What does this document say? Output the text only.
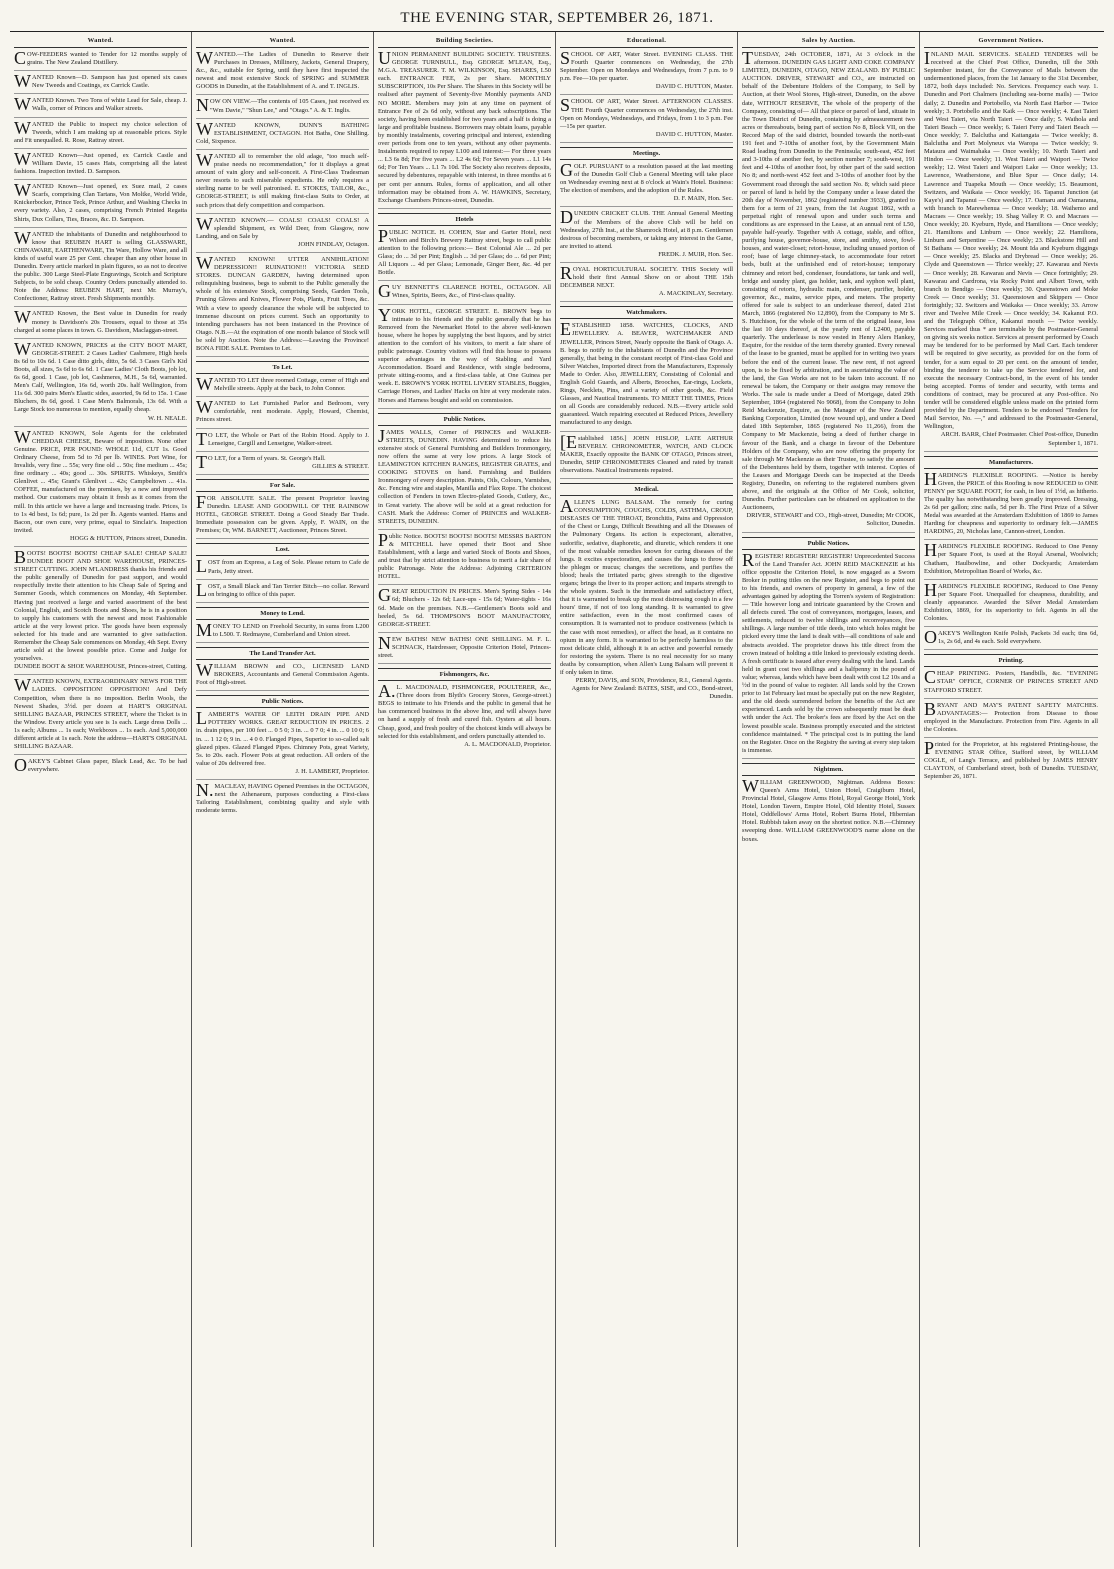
THE EVENING STAR, SEPTEMBER 26, 1871.
Wanted.

COW-FEEDERS wanted to Tender for 12 months supply of grains. The New Zealand Distillery.

WANTED Known—D. Sampson has just opened six cases New Tweeds and Coatings, ex Carrick Castle.

WANTED Known. Two Tons of white Lead for Sale, cheap. J. Walls, corner of Princes and Walker streets.

WANTED the Public to inspect my choice selection of Tweeds, which I am making up at reasonable prices. Style and Fit unequalled. R. Rose, Rattray street.

WANTED Known—Just opened, ex Carrick Castle and William Davie, 15 cases Hats, comprising all the latest fashions. Inspection invited. D. Sampson.

WANTED Known—Just opened, ex Suez mail, 2 cases Scarfs, comprising Clan Tartans, Von Moltke, World Wide, Knickerbocker, Prince Teck, Prince Arthur, and Washing Checks in every variety. Also, 2 cases, comprising French Printed Regatta Shirts, Dux Collars, Ties, Braces, &c. D. Sampson.

WANTED the inhabitants of Dunedin and neighbourhood to know that REUBEN HART is selling GLASSWARE, CHINAWARE, EARTHENWARE, Tin Ware, Hollow Ware, and all kinds of useful ware 25 per Cent. cheaper than any other house in Dunedin. Every article marked in plain figures, so as not to deceive the public. 300 Large Steel-Plate Engravings, Scotch and Scripture Subjects, to be sold cheap. Country Orders punctually attended to. Note the Address: REUBEN HART, next Mr. Murray's, Confectioner, Rattray street. Fresh Shipments monthly.

WANTED Known, the Best value in Dunedin for ready money is Davidson's 20s Trousers, equal to those at 35s charged at some places in town. G. Davidson, Maclaggan-street.

WANTED KNOWN, PRICES at the CITY BOOT MART, GEORGE-STREET. 2 Cases Ladies' Cashmere, High heels 8s 6d to 10s 6d. 1 Case ditto girls, ditto, 5s 6d. 3 Cases Girl's Kid Boots, all sizes, 5s 6d to 6s 6d. 1 Case Ladies' Cloth Boots, job lot, 6s 6d, good. 1 Case, job lot, Cashmeres, M.H., 5s 6d, warranted. Men's Calf, Wellington, 16s 6d, worth 20s. half Wellington, from 11s 6d. 300 pairs Men's Elastic sides, assorted, 9s 6d to 15s. 1 Case Bluchers, 8s 6d, good. 1 Case Men's Balmorals, 13s 6d. With a Large Stock too numerous to mention, equally cheap.

W. H. NEALE.

WANTED KNOWN, Sole Agents for the celebrated CHEDDAR CHEESE, Beware of imposition. None other Genuine. PRICE, PER POUND: WHOLE 11d, CUT 1s. Good Ordinary Cheese, from 5d to 7d per lb. WINES. Port Wine, for Invalids, very fine ... 55s; very fine old ... 50s; fine medium ... 45s; fine ordinary ... 40s; good ... 30s. SPIRITS. Whiskeys, Smith's Glenlivet ... 45s; Grant's Glenlivet ... 42s; Campbeltown ... 41s. COFFEE, manufactured on the premises, by a new and improved method. Our customers may obtain it fresh as it comes from the mill. In this article we have a large and increasing trade. Prices, 1s to 1s 4d best, 1s 6d; pure, 1s 2d per lb. Agents wanted. Hams and Bacon, our own cure, very prime, equal to Sinclair's. Inspection invited.

HOGG & HUTTON, Princes street, Dunedin.

BOOTS! BOOTS! BOOTS! CHEAP SALE! CHEAP SALE! DUNDEE BOOT AND SHOE WAREHOUSE, PRINCES-STREET CUTTING. JOHN M'LANDRESS thanks his friends and the public generally of Dunedin for past support, and would respectfully invite their attention to his Cheap Sale of Spring and Summer Goods, which commences on Monday, 4th September. Having just received a large and varied assortment of the best Colonial, English, and Scotch Boots and Shoes, he is in a position to supply his customers with the newest and most Fashionable article at the very lowest price. The goods have been expressly selected for his trade and are warranted to give satisfaction. Remember the Cheap Sale commences on Monday, 4th Sept. Every article sold at the lowest possible price. Come and Judge for yourselves.

DUNDEE BOOT & SHOE WAREHOUSE, Princes-street, Cutting.

WANTED KNOWN, EXTRAORDINARY NEWS FOR THE LADIES. OPPOSITION! OPPOSITION! And Defy Competition, when there is no imposition. Berlin Wools, the Newest Shades, 3½d. per dozen at HART'S ORIGINAL SHILLING BAZAAR, PRINCES STREET, where the Ticket is in the Window. Every article you see is 1s each. Large dress Dolls ... 1s each; Albums ... 1s each; Workboxes ... 1s each. And 5,000,000 different article at 1s each. Note the address—HART'S ORIGINAL SHILLING BAZAAR.

OAKEY'S Cabinet Glass paper, Black Lead, &c. To be had everywhere.

Wanted.

WANTED.—The Ladies of Dunedin to Reserve their Purchases in Dresses, Millinery, Jackets, General Drapery, &c., &c., suitable for Spring, until they have first inspected the newest and most extensive Stock of SPRING and SUMMER GOODS in Dunedin, at the Establishment of A. and T. INGLIS.

NOW ON VIEW.—The contents of 105 Cases, just received ex "Wm Davie," "Shun Lee," and "Otago." A. & T. Inglis.

WANTED KNOWN, DUNN'S BATHING ESTABLISHMENT, OCTAGON. Hot Baths, One Shilling. Cold, Sixpence.

WANTED all to remember the old adage, "too much self-praise needs no recommendation," for it displays a great amount of vain glory and self-conceit. A First-Class Tradesman never resorts to such miserable expedients. He only requires a sterling name to be well patronised. E. STOKES, TAILOR, &c., GEORGE-STREET, is still making first-class Suits to Order, at such prices that defy competition and comparison.

WANTED KNOWN.— COALS! COALS! COALS! A splendid Shipment, ex Wild Deer, from Glasgow, now Landing, and on Sale by

JOHN FINDLAY, Octagon.

WANTED KNOWN! UTTER ANNIHILATION! DEPRESSION!! RUINATION!!! VICTORIA SEED STORES. DUNCAN GARDEN, having determined upon relinquishing business, begs to submit to the Public generally the whole of his extensive Stock, comprising Seeds, Garden Tools, Pruning Gloves and Knives, Flower Pots, Plants, Fruit Trees, &c. With a view to speedy clearance the whole will be subjected to immense discount on prices current. Such an opportunity to intending purchasers has not been instanced in the Province of Otago. N.B.—At the expiration of one month balance of Stock will be sold by Auction. Note the Address:—Leaving the Province! BONA FIDE SALE. Premises to Let.

To Let.

WANTED TO LET three roomed Cottage, corner of High and Melville streets. Apply at the back, to John Connor.

WANTED to Let Furnished Parlor and Bedroom, very comfortable, rent moderate. Apply, Howard, Chemist, Princes street.

TO LET, the Whole or Part of the Robin Hood. Apply to J. Lenseigne, Cargill and Lenseigne, Walker-street.

TO LET, for a Term of years. St. George's Hall.

GILLIES & STREET.
For Sale.

FOR ABSOLUTE SALE. The present Proprietor leaving Dunedin. LEASE AND GOODWILL OF THE RAINBOW HOTEL, GEORGE STREET. Doing a Good Steady Bar Trade. Immediate possession can be given. Apply, F. WAIN, on the Premises; Or, WM. BARNETT, Auctioneer, Princes Street.

Lost.

LOST from an Express, a Leg of Sole. Please return to Cafe de Paris, Jetty street.

LOST, a Small Black and Tan Terrier Bitch—no collar. Reward on bringing to office of this paper.

Money to Lend.

MONEY TO LEND on Freehold Security, in sums from L200 to L500. T. Redmayne, Cumberland and Union street.

The Land Transfer Act.

WILLIAM BROWN and CO., LICENSED LAND BROKERS, Accountants and General Commission Agents. Foot of High-street.

Public Notices.

LAMBERT'S WATER OF LEITH DRAIN PIPE AND POTTERY WORKS. GREAT REDUCTION IN PRICES. 2 in. drain pipes, per 100 feet ... 0 5 0; 3 in. ... 0 7 0; 4 in. ... 0 10 0; 6 in. ... 1 12 0; 9 in. ... 4 0 0. Flanged Pipes, Superior to so-called salt glazed pipes. Glazed Flanged Pipes. Chimney Pots, great Variety, 5s. to 20s. each. Flower Pots at great reduction. All orders of the value of 20s delivered free.

J. H. LAMBERT, Proprietor.

N.MACLEAY, HAVING Opened Premises in the OCTAGON, next the Athenaeum, purposes conducting a First-class Tailoring Establishment, combining quality and style with moderate terms.

Building Societies.

UNION PERMANENT BUILDING SOCIETY. TRUSTEES. GEORGE TURNBULL, Esq. GEORGE M'LEAN, Esq., M.G.A. TREASURER. T. M. WILKINSON, Esq. SHARES, L50 each. ENTRANCE FEE, 2s per Share. MONTHLY SUBSCRIPTION, 10s Per Share. The Shares in this Society will be realised after payment of Seventy-five Monthly payments AND NO MORE. Members may join at any time on payment of Entrance Fee of 2s 6d only, without any back subscriptions. The society, having been established for two years and a half is doing a large and profitable business. Borrowers may obtain loans, payable by monthly instalments, covering principal and interest, extending over periods from one to ten years, without any other payments. Instalments required to repay L100 and interest:— For three years ... L3 6s 8d; For five years ... L2 4s 6d; For Seven years ... L1 14s 6d; For Ten Years ... L1 7s 10d. The Society also receives deposits, secured by debentures, repayable with interest, in three months at 6 per cent per annum. Rules, forms of application, and all other information may be obtained from A. W. HAWKINS, Secretary, Exchange Chambers Princes-street, Dunedin.

Hotels

PUBLIC NOTICE. H. COHEN, Star and Garter Hotel, next Wilson and Birch's Brewery Rattray street, begs to call public attention to the following prices:— Best Colonial Ale ... 2d per Glass; do ... 3d per Pint; English ... 3d per Glass; do ... 6d per Pint; All Liquors ... 4d per Glass; Lemonade, Ginger Beer, &c. 4d per Bottle.

GUY BENNETT'S CLARENCE HOTEL, OCTAGON. All Wines, Spirits, Beers, &c., of First-class quality.

YORK HOTEL, GEORGE STREET. E. BROWN begs to intimate to his friends and the public generally that he has Removed from the Newmarket Hotel to the above well-known house, where he hopes by supplying the best liquors, and by strict attention to the comfort of his visitors, to merit a fair share of public patronage. Country visitors will find this house to possess superior advantages in the way of Stabling and Yard Accommodation. Board and Residence, with single bedrooms, private sitting-rooms, and a first-class table, at One Guinea per week. E. BROWN'S YORK HOTEL LIVERY STABLES, Buggies, Carriage Horses, and Ladies' Hacks on hire at very moderate rates. Horses and Harness bought and sold on commission.

Public Notices.

JAMES WALLS, Corner of PRINCES and WALKER-STREETS, DUNEDIN. HAVING determined to reduce his extensive stock of General Furnishing and Builders Ironmongery, now offers the same at very low prices. A large Stock of LEAMINGTON KITCHEN RANGES, REGISTER GRATES, and COOKING STOVES on hand. Furnishing and Builders Ironmongery of every description. Paints, Oils, Colours, Varnishes, &c. Fencing wire and staples, Manilla and Flax Rope. The choicest collection of Fenders in town Electro-plated Goods, Cutlery, &c., in Great variety. The above will be sold at a great reduction for CASH. Mark the Address: Corner of PRINCES and WALKER-STREETS, DUNEDIN.

Public Notice. BOOTS! BOOTS! BOOTS! MESSRS BARTON & MITCHELL have opened their Boot and Shoe Establishment, with a large and varied Stock of Boots and Shoes, and trust that by strict attention to business to merit a fair share of public Patronage. Note the Address: Adjoining CRITERION HOTEL.

GREAT REDUCTION IN PRICES. Men's Spring Sides - 14s 6d; Bluchers - 12s 6d; Lace-ups - 15s 6d; Water-tights - 16s 6d. Made on the premises. N.B.—Gentlemen's Boots sold and heeled, 5s 6d. THOMPSON'S BOOT MANUFACTORY, GEORGE-STREET.

NEW BATHS! NEW BATHS! ONE SHILLING. M. F. L. SCHNACK, Hairdresser, Opposite Criterion Hotel, Princes-street.

Fishmongers, &c.

A.L. MACDONALD, FISHMONGER, POULTERER, &c., (Three doors from Blyth's Grocery Stores, George-street.) BEGS to intimate to his Friends and the public in general that he has commenced business in the above line, and will always have on hand a supply of fresh and cured fish. Oysters at all hours. Cheap, good, and fresh poultry of the choicest kinds will always be selected for this establishment, and orders punctually attended to.

A. L. MACDONALD, Proprietor.
Educational.

SCHOOL OF ART, Water Street. EVENING CLASS. THE Fourth Quarter commences on Wednesday, the 27th September. Open on Mondays and Wednesdays, from 7 p.m. to 9 p.m. Fee—10s per quarter.

DAVID C. HUTTON, Master.

SCHOOL OF ART, Water Street. AFTERNOON CLASSES. THE Fourth Quarter commences on Wednesday, the 27th inst. Open on Mondays, Wednesdays, and Fridays, from 1 to 3 p.m. Fee—15s per quarter.

DAVID C. HUTTON, Master.
Meetings.

GOLF. PURSUANT to a resolution passed at the last meeting of the Dunedin Golf Club a General Meeting will take place on Wednesday evening next at 8 o'clock at Wain's Hotel. Business: The election of members, and the adoption of the Rules.

D. F. MAIN, Hon. Sec.

DUNEDIN CRICKET CLUB. THE Annual General Meeting of the Members of the above Club will be held on Wednesday, 27th Inst., at the Shamrock Hotel, at 8 p.m. Gentlemen desirous of becoming members, or taking any interest in the Game, are invited to attend.

FREDK. J. MUIR, Hon. Sec.

ROYAL HORTICULTURAL SOCIETY. THIS Society will hold their first Annual Show on or about THE 15th DECEMBER NEXT.

A. MACKINLAY, Secretary.
Watchmakers.

ESTABLISHED 1858. WATCHES, CLOCKS, AND JEWELLERY. A. BEAVER, WATCHMAKER AND JEWELLER, Princes Street, Nearly opposite the Bank of Otago. A. B. begs to notify to the inhabitants of Dunedin and the Province generally, that being in the constant receipt of First-class Gold and Silver Watches, Imported direct from the Manufacturers, Expressly Made to Order. Also, JEWELLERY, Consisting of Colonial and English Gold Guards, and Alberts, Brooches, Ear-rings, Lockets, Rings, Necklets, Pins, and a variety of other goods, &c. Field Glasses, and Nautical Instruments. TO MEET THE TIMES, Prices on all Goods are considerably reduced. N.B.—Every article sold guaranteed. Watch repairing executed at Reduced Prices, Jewellery manufactured to any design.

[Established 1856.] JOHN HISLOP, LATE ARTHUR BEVERLY. CHRONOMETER, WATCH, AND CLOCK MAKER, Exactly opposite the BANK OF OTAGO, Princes street, Dunedin, SHIP CHRONOMETERS Cleaned and rated by transit observations. Nautical Instruments repaired.

Medical.

ALLEN'S LUNG BALSAM. The remedy for curing CONSUMPTION, COUGHS, COLDS, ASTHMA, CROUP, DISEASES OF THE THROAT, Bronchitis, Pains and Oppression of the Chest or Lungs, Difficult Breathing and all the Diseases of the Pulmonary Organs. Its action is expectorant, alterative, sudorific, sedative, diaphoretic, and diuretic, which renders it one of the most valuable remedies known for curing diseases of the lungs. It excites expectoration, and causes the lungs to throw off the phlegm or mucus; changes the secretions, and purifies the blood; heals the irritated parts; gives strength to the digestive organs; brings the liver to its proper action; and imparts strength to the whole system. Such is the immediate and satisfactory effect, that it is warranted to break up the most distressing cough in a few hours' time, if not of too long standing. It is warranted to give entire satisfaction, even in the most confirmed cases of consumption. It is warranted not to produce costiveness (which is the case with most remedies), or affect the head, as it contains no opium in any form. It is warranted to be perfectly harmless to the most delicate child, although it is an active and powerful remedy for restoring the system. There is no real necessity for so many deaths by consumption, when Allen's Lung Balsam will prevent it if only taken in time.

PERRY, DAVIS, and SON, Providence, R.I., General Agents. Agents for New Zealand: BATES, SISE, and CO., Bond-street, Dunedin.
Sales by Auction.

TUESDAY, 24th OCTOBER, 1871, At 3 o'clock in the afternoon. DUNEDIN GAS LIGHT AND COKE COMPANY LIMITED, DUNEDIN, OTAGO, NEW ZEALAND. BY PUBLIC AUCTION. DRIVER, STEWART and CO., are instructed on behalf of the Debenture Holders of the Company, to Sell by Auction, at their Wool Stores, High-street, Dunedin, on the above date, WITHOUT RESERVE, The whole of the property of the Company, consisting of— All that piece or parcel of land, situate in the Town District of Dunedin, containing by admeasurement two acres or thereabouts, being part of section No 8, Block VII, on the Record Map of the said district, bounded towards the north-east 191 feet and 7-10ths of another foot, by the Government Main Road leading from Dunedin to the Peninsula; south-east, 452 feet and 3-10ths of another feet, by section number 7; south-west, 191 feet and 4-10ths of another foot, by other part of the said section No 8; and north-west 452 feet and 3-10ths of another foot by the Government road through the said section No. 8; which said piece or parcel of land is held by the Company under a lease dated the 20th day of November, 1862 (registered number 3933), granted to them for a term of 21 years, from the 1st August 1862, with a perpetual right of renewal upon and under such terms and conditions as are expressed in the Lease, at an annual rent of L50, payable half-yearly. Together with A cottage, stable, and office, purifying house, governor-house, store, and smithy, stove, fowl-houses, and water-closet; retort-house, including unused portion of roof; base of large chimney-stack, to accommodate four retort beds, built at the unfinished end of retort-house; temporary chimney and retort bed, condenser, foundations, tar tank and well, bridge and sundry plant, gas holder, tank, and syphon well plant, consisting of retorts, hydraulic main, condenser, purifier, holder, governor, &c., mains, service pipes, and meters. The property offered for sale is subject to an underlease thereof, dated 21st March, 1866 (registered No 12,890), from the Company to Mr S. S. Hutchison, for the whole of the term of the original lease, less the last 10 days thereof, at the yearly rent of L2400, payable quarterly. The underlease is now vested in Henry Alers Hankey, Esquire, for the residue of the term thereby granted. Every renewal of the lease to be granted, must be applied for in writing two years before the end of the current lease. The new rent, if not agreed upon, is to be fixed by arbitration, and in ascertaining the value of the land, the Gas Works are not to be taken into account. If no renewal be taken, the Company or their assigns may remove the Works. The sale is made under a Deed of Mortgage, dated 29th September, 1864 (registered No 9068), from the Company to John Reid Mackenzie, Esquire, as the Manager of the New Zealand Banking Corporation, Limited (now wound up), and under a Deed dated 18th September, 1865 (registered No 11,266), from the Company to Mr Mackenzie, being a deed of further charge in favour of the Bank, and a charge in favour of the Debenture Holders of the Company, who are now offering the property for sale through Mr Mackenzie as their Trustee, to satisfy the amount of the Debentures held by them, together with interest. Copies of the Leases and Mortgage Deeds can be inspected at the Deeds Registry, Dunedin, on referring to the registered numbers given above, and the originals at the Office of Mr Cook, solicitor, Dunedin. Further particulars can be obtained on application to the Auctioneers,

DRIVER, STEWART and CO., High-street, Dunedin; Mr COOK, Solicitor, Dunedin.
Public Notices.

REGISTER! REGISTER! REGISTER! Unprecedented Success of the Land Transfer Act. JOHN REID MACKENZIE at his office opposite the Criterion Hotel, is now engaged as a Sworn Broker in putting titles on the new Register, and begs to point out to his friends, and owners of property in general, a few of the advantages gained by adopting the Torren's system of Registration:— Title however long and intricate guaranteed by the Crown and all defects cured. The cost of conveyances, mortgages, leases, and settlements, reduced to twelve shillings and reconveyances, five shillings. A large number of title deeds, into which holes might be picked every time the land is dealt with—all conditions of sale and abstracts avoided. The proprietor draws his title direct from the crown instead of holding a title linked to previously existing deeds. A fresh certificate is issued after every dealing with the land. Lands held in grant cost two shillings and a halfpenny in the pound of value; whereas, lands which have been dealt with cost L2 10s and a ½d in the pound of value to register. All lands sold by the Crown prior to 1st February last must be specially put on the new Register, and the old deeds surrendered before the benefits of the Act are experienced. Lands sold by the crown subsequently must be dealt with under the Act. The broker's fees are fixed by the Act on the lowest possible scale. Business promptly executed and the strictest confidence maintained. * The principal cost is in putting the land on the Register. Once on the Registry the saving at every step taken is immense.

Nightmen.

WILLIAM GREENWOOD, Nightman. Address Boxes: Queen's Arms Hotel, Union Hotel, Craigiburn Hotel, Provincial Hotel, Glasgow Arms Hotel, Royal George Hotel, York Hotel, London Tavern, Empire Hotel, Old Identity Hotel, Sussex Hotel, Oddfellows' Arms Hotel, Robert Burns Hotel, Hibernian Hotel. Rubbish taken away on the shortest notice. N.B.—Chimney sweeping done. WILLIAM GREENWOOD'S name alone on the boxes.

Government Notices.

INLAND MAIL SERVICES. SEALED TENDERS will be received at the Chief Post Office, Dunedin, till the 30th September instant, for the Conveyance of Mails between the undermentioned places, from the 1st January to the 31st December, 1872, both days included: No. Services. Frequency each way. 1. Dunedin and Port Chalmers (including sea-borne mails) — Twice daily; 2. Dunedin and Portobello, via North East Harbor — Twice weekly; 3. Portobello and the Kaik — Once weekly; 4. East Taieri and West Taieri, via North Taieri — Once daily; 5. Waihola and Taieri Beach — Once weekly; 6. Taieri Ferry and Taieri Beach — Once weekly; 7. Balclutha and Kaitangata — Twice weekly; 8. Balclutha and Port Molyneux via Waropa — Twice weekly; 9. Mataura and Waimahaka — Once weekly; 10. North Taieri and Hindon — Once weekly; 11. West Taieri and Waipori — Twice weekly; 12. West Taieri and Waipori Lake — Once weekly; 13. Lawrence, Weatherstone, and Blue Spur — Once daily; 14. Lawrence and Tuapeka Mouth — Once weekly; 15. Beaumont, Switzers, and Waikaia — Once weekly; 16. Tapanui Junction (at Kaye's) and Tapanui — Once weekly; 17. Oamaru and Oamarama, with branch to Marewhenua — Once weekly; 18. Waihemo and Macraes — Once weekly; 19. Shag Valley P. O. and Macraes — Once weekly; 20. Kyeburn, Hyde, and Hamiltons — Once weekly; 21. Hamiltons and Linburn — Once weekly; 22. Hamiltons, Linburn and Serpentine — Once weekly; 23. Blackstone Hill and St Bathans — Once weekly; 24. Mount Ida and Kyeburn diggings — Once weekly; 25. Blacks and Drybread — Once weekly; 26. Clyde and Queenstown — Thrice weekly; 27. Kawarau and Nevis — Once weekly; 28. Kawarau and Nevis — Once fortnightly; 29. Kawarau and Cardrona, via Rocky Point and Albert Town, with branch to Bendigo — Once weekly; 30. Queenstown and Moke Creek — Once weekly; 31. Queenstown and Skippers — Once fortnightly; 32. Switzers and Waikaka — Once weekly; 33. Arrow river and Twelve Mile Creek — Once weekly; 34. Kakanui P.O. and the Telegraph Office, Kakanui mouth — Twice weekly. Services marked thus * are terminable by the Postmaster-General on giving six weeks notice. Services at present performed by Coach may be tendered for to be performed by Mail Cart. Each tenderer will be required to give security, as provided for on the form of tender, for a sum equal to 20 per cent. on the amount of tender, binding the tenderer to take up the Service tendered for, and execute the necessary Contract-bond, in the event of his tender being accepted. Forms of tender and security, with terms and conditions of contract, may be procured at any Post-office. No tender will be considered eligible unless made on the printed form provided by the Department. Tenders to be endorsed "Tenders for Mail Service, No. —," and addressed to the Postmaster-General, Wellington,

ARCH. BARR, Chief Postmaster. Chief Post-office, Dunedin September 1, 1871.
Manufacturers.

HARDING'S FLEXIBLE ROOFING. —Notice is hereby Given, the PRICE of this Roofing is now REDUCED to ONE PENNY per SQUARE FOOT, for cash, in lieu of 1½d, as hitherto. The quality has notwithstanding been greatly improved. Dressing, 2s 6d per gallon; zinc nails, 5d per lb. The First Prize of a Silver Medal was awarded at the Amsterdam Exhibition of 1869 to James Harding for cheapness and superiority to ordinary felt.—JAMES HARDING, 20, Nicholas lane, Cannon-street, London.

HARDING'S FLEXIBLE ROOFING. Reduced to One Penny per Square Foot, is used at the Royal Arsenal, Woolwich; Chatham, Haulbowline, and other Dockyards; Amsterdam Exhibition, Metropolitan Board of Works, &c.

HARDING'S FLEXIBLE ROOFING, Reduced to One Penny per Square Foot. Unequalled for cheapness, durability, and cleanly appearance. Awarded the Silver Medal Amsterdam Exhibition, 1869, for its superiority to felt. Agents in all the Colonies.

OAKEY'S Wellington Knife Polish, Packets 3d each; tins 6d, 1s, 2s 6d, and 4s each. Sold everywhere.

Printing.

CHEAP PRINTING. Posters, Handbills, &c. "EVENING STAR" OFFICE, CORNER OF PRINCES STREET AND STAFFORD STREET.

BRYANT AND MAY'S PATENT SAFETY MATCHES. ADVANTAGES:— Protection from Disease to those employed in the Manufacture. Protection from Fire. Agents in all the Colonies.

Printed for the Proprietor, at his registered Printing-house, the EVENING STAR Office, Stafford street, by WILLIAM COGLE, of Lang's Terrace, and published by JAMES HENRY CLAYTON, of Cumberland street, both of Dunedin. TUESDAY, September 26, 1871.
